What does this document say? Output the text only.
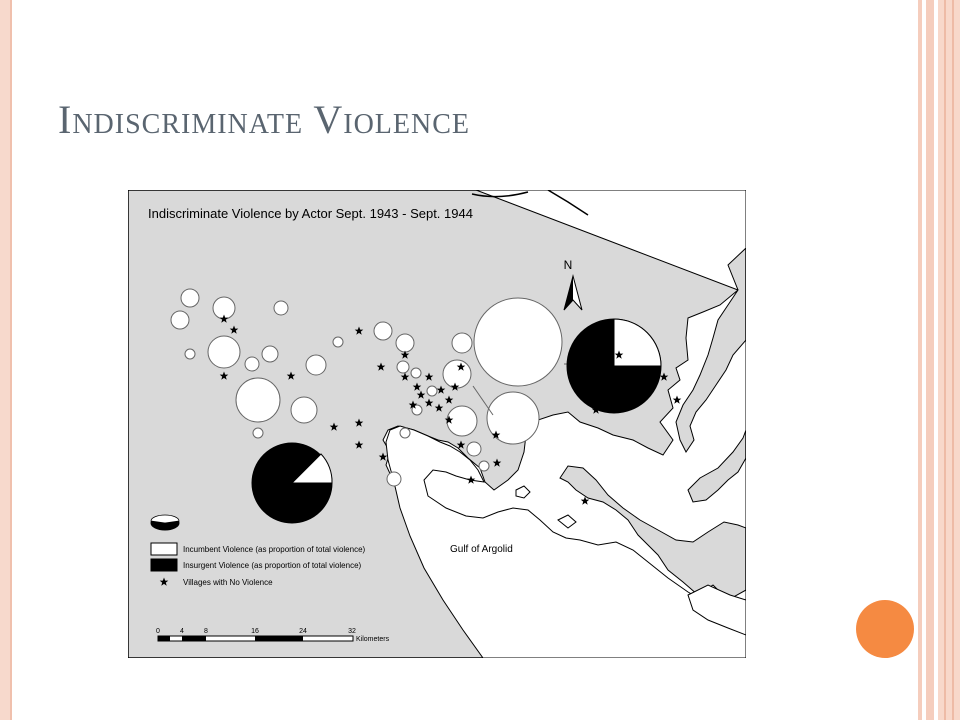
Indiscriminate Violence
Indiscriminate Violence by Actor Sept. 1943 - Sept. 1944
N
Gulf of Argolid
Incumbent Violence (as proportion of total violence)
Insurgent Violence (as proportion of total violence)
Villages with No Violence
0	4	8	16	24	32
Kilometers
